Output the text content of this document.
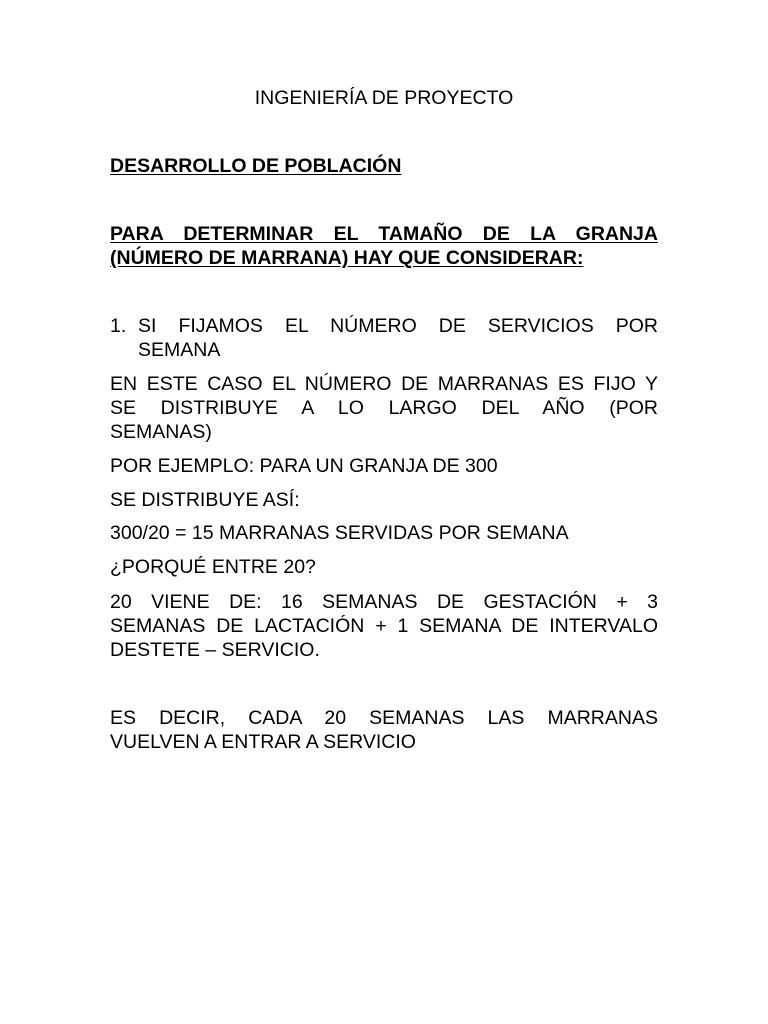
INGENIERÍA DE PROYECTO
DESARROLLO DE POBLACIÓN
PARA DETERMINAR EL TAMAÑO DE LA GRANJA
(NÚMERO DE MARRANA) HAY QUE CONSIDERAR:
1. SI FIJAMOS EL NÚMERO DE SERVICIOS POR
SEMANA
EN ESTE CASO EL NÚMERO DE MARRANAS ES FIJO Y
SE DISTRIBUYE A LO LARGO DEL AÑO (POR
SEMANAS)
POR EJEMPLO: PARA UN GRANJA DE 300
SE DISTRIBUYE ASÍ:
300/20 = 15 MARRANAS SERVIDAS POR SEMANA
¿PORQUÉ ENTRE 20?
20 VIENE DE: 16 SEMANAS DE GESTACIÓN + 3
SEMANAS DE LACTACIÓN + 1 SEMANA DE INTERVALO
DESTETE – SERVICIO.
ES DECIR, CADA 20 SEMANAS LAS MARRANAS
VUELVEN A ENTRAR A SERVICIO
